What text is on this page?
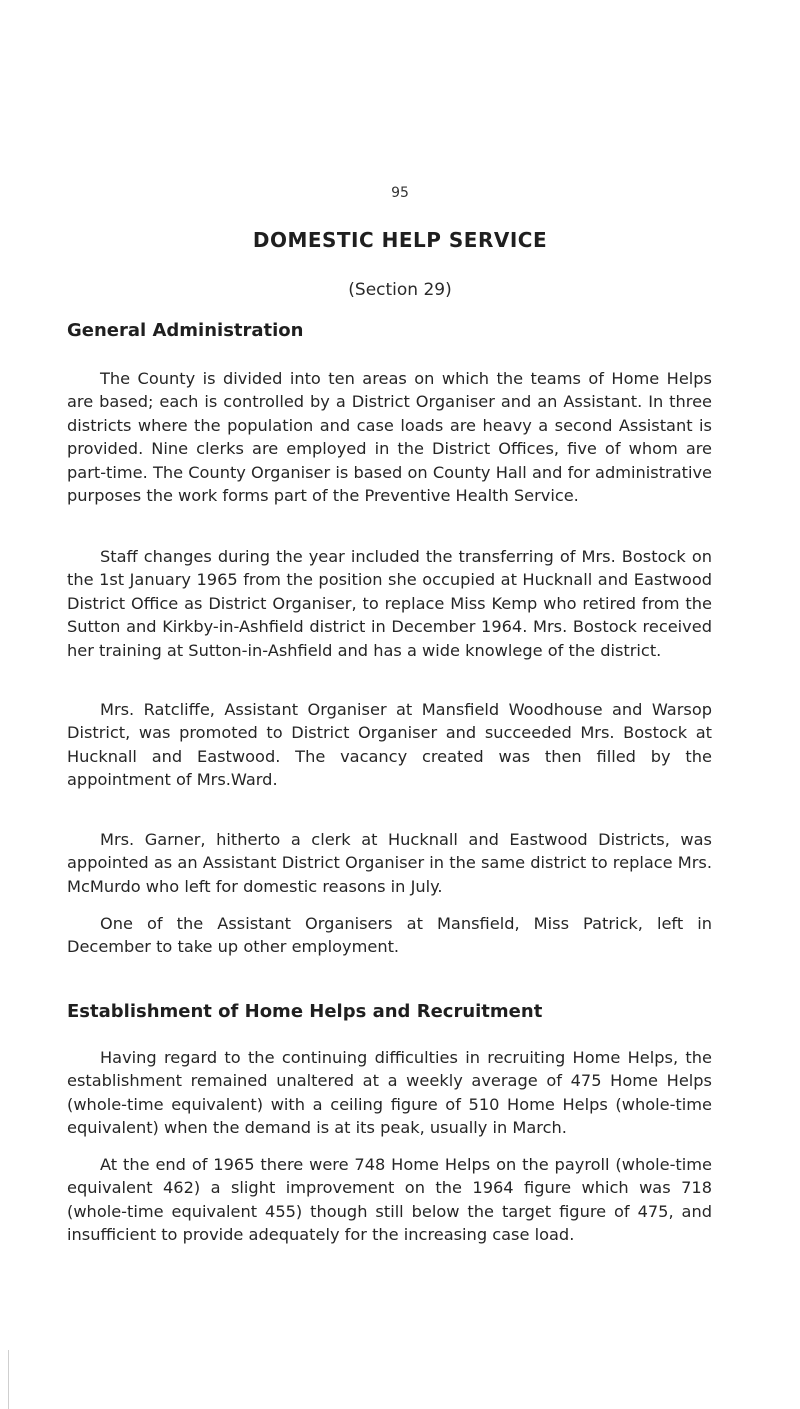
95
DOMESTIC HELP SERVICE
(Section 29)
General Administration

The County is divided into ten areas on which the teams of Home Helps are based; each is controlled by a District Organiser and an Assistant. In three districts where the population and case loads are heavy a second Assistant is provided. Nine clerks are employed in the District Offices, five of whom are part-time. The County Organiser is based on County Hall and for administrative purposes the work forms part of the Preventive Health Service.

Staff changes during the year included the transferring of Mrs. Bostock on the 1st January 1965 from the position she occupied at Hucknall and Eastwood District Office as District Organiser, to replace Miss Kemp who retired from the Sutton and Kirkby-in-Ashfield district in December 1964. Mrs. Bostock received her training at Sutton-in-Ashfield and has a wide knowlege of the district.

Mrs. Ratcliffe, Assistant Organiser at Mansfield Woodhouse and Warsop District, was promoted to District Organiser and succeeded Mrs. Bostock at Hucknall and Eastwood. The vacancy created was then filled by the appointment of Mrs.Ward.

Mrs. Garner, hitherto a clerk at Hucknall and Eastwood Districts, was appointed as an Assistant District Organiser in the same district to replace Mrs. McMurdo who left for domestic reasons in July.

One of the Assistant Organisers at Mansfield, Miss Patrick, left in December to take up other employment.

Establishment of Home Helps and Recruitment

Having regard to the continuing difficulties in recruiting Home Helps, the establishment remained unaltered at a weekly average of 475 Home Helps (whole-time equivalent) with a ceiling figure of 510 Home Helps (whole-time equivalent) when the demand is at its peak, usually in March.

At the end of 1965 there were 748 Home Helps on the payroll (whole-time equivalent 462) a slight improvement on the 1964 figure which was 718 (whole-time equivalent 455) though still below the target figure of 475, and insufficient to provide adequately for the increasing case load.
